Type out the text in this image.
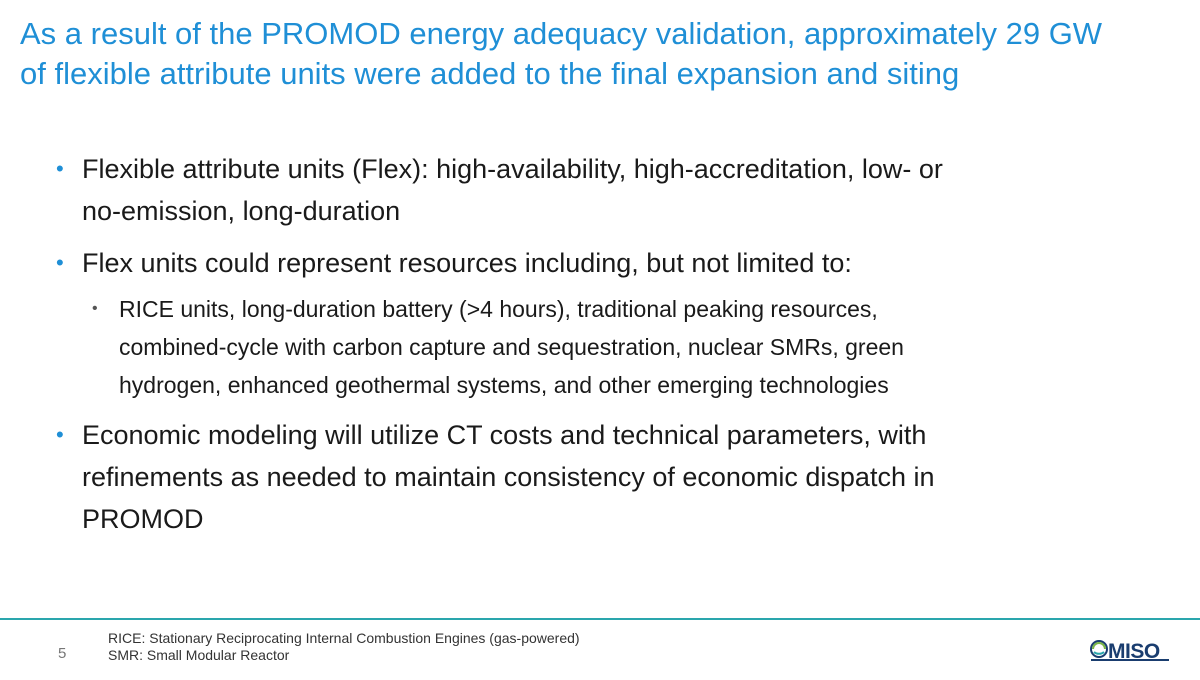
As a result of the PROMOD energy adequacy validation, approximately 29 GW
of flexible attribute units were added to the final expansion and siting
• Flexible attribute units (Flex): high-availability, high-accreditation, low- or
no-emission, long-duration
• Flex units could represent resources including, but not limited to:
• RICE units, long-duration battery (>4 hours), traditional peaking resources,
combined-cycle with carbon capture and sequestration, nuclear SMRs, green
hydrogen, enhanced geothermal systems, and other emerging technologies
• Economic modeling will utilize CT costs and technical parameters, with
refinements as needed to maintain consistency of economic dispatch in
PROMOD
5
RICE: Stationary Reciprocating Internal Combustion Engines (gas-powered)
SMR: Small Modular Reactor	MISO
